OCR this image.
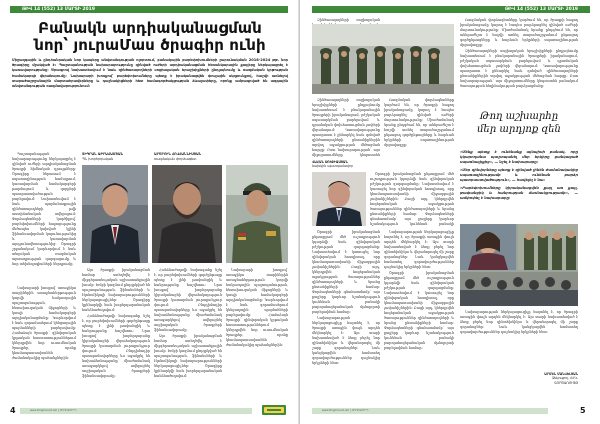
ԹԻՎ 14 (552) 13 ՄԱՐՏԻ 2019
Բանակն արդիականացման
նոր՝ յուրաՄաս ծրագիր ունի
Միջազգային և ընդհանրական նոր կապերը անվտանգության ոլորտում, բանակային բարեփոխումների շարունակման 2018-2024 թթ. նոր ծրագիրը մշակված է: Պաշտպանության նախարարությունը զինված ուժերի արդիականացման հեռանկարային քայլերը ներկայացրել է կառավարությանը: Ծրագրով նախատեսվում է նաև զինծառայողների սոցիալական երաշխիքների ընդլայնումը և ռազմական կրթության համակարգի վերանայումը: Նախարարի խոսքով՝ բարեփոխումները պետք է իրականացվեն փուլային սկզբունքով, հաշվի առնելով տարածաշրջանային մարտահրավերները և դաշնակիցների հետ համագործակցության ձևաչափերը, որոնք ամրագրված են ազգային անվտանգության ռազմավարությունում:

Պաշտպանության նախարարությունը ներկայացրել է զինված ուժերի արդիականացման ծրագրի հիմնական դրույթները: Ծրագիրը ներառում է սպառազինության համալրում, կառավարման համակարգերի թարմացում և զորքերի պատրաստվածության բարելավում: Նախատեսվում է նաև պայմանագրային զինծառայողների թվի աստիճանական ավելացում: Փորձագետների կարծիքով՝ բարեփոխումների հաջողությունը մեծապես կախված կլինի ֆինանսավորման կայունությունից և կառավարման արդյունավետությունից: Ծրագրի շրջանակում կարևորվում է նաև տեղական ռազմական արտադրության զարգացումը և նոր տեխնոլոգիաների ներդրումը:

Նախարարի խոսքով՝ առաջիկա տարիներին առաջնահերթություն կտրվի հակաօդային պաշտպանության, հետախուզական միջոցների և կապի համակարգերի արդիականացմանը: Կարևորվում է նաև զորամասերում կենցաղային պայմանների բարելավումը: Համաձայն ծրագրի՝ զինվորական կրթական հաստատություններում կներդրվեն նոր ուսումնական ծրագրեր, որոնք կհամապատասխանեն ժամանակակից պահանջներին:

ՏԻԳՐԱՆ ԱԲՐԱՀԱՄՅԱՆ
ՊՆ խորհրդական
ԱՐԾՐՈՒՆ ՀՈՎՀԱՆՆԻՍՅԱՆ
ռազմական փորձագետ

Այս ծրագրի իրականացման համար ստեղծվել է միջգերատեսչական աշխատանքային խումբ: Խմբի կազմում ընդգրկված են պաշտպանության, ֆինանսների և էկոնոմիկայի նախարարությունների ներկայացուցիչներ: Ծրագիրը կքննարկվի նաև խորհրդարանական հանձնաժողովում:

Հանձնաժողովի նախագահը նշել է, որ բարեփոխումների գործընթացը պետք է լինի թափանցիկ և հանրությանը հաշվետու: Նրա խոսքով՝ խորհրդարանը կիրականացնի վերահսկողություն ծրագրի կատարման յուրաքանչյուր փուլում: Ընդդիմադիր պատգամավորները ևս աջակցել են նախաձեռնությանը՝ միաժամանակ առաջարկելով ավելացնել սոցիալական ծրագրերի ֆինանսավորումը:

Հանձնաժողովի նախագահը նշել է, որ բարեփոխումների գործընթացը պետք է լինի թափանցիկ և հանրությանը հաշվետու: Նրա խոսքով՝ խորհրդարանը կիրականացնի վերահսկողություն ծրագրի կատարման յուրաքանչյուր փուլում: Ընդդիմադիր պատգամավորները ևս աջակցել են նախաձեռնությանը՝ միաժամանակ առաջարկելով ավելացնել սոցիալական ծրագրերի ֆինանսավորումը:

Այս ծրագրի իրականացման համար ստեղծվել է միջգերատեսչական աշխատանքային խումբ: Խմբի կազմում ընդգրկված են պաշտպանության, ֆինանսների և էկոնոմիկայի նախարարությունների ներկայացուցիչներ: Ծրագիրը կքննարկվի նաև խորհրդարանական հանձնաժողովում:

Նախարարի խոսքով՝ առաջիկա տարիներին առաջնահերթություն կտրվի հակաօդային պաշտպանության, հետախուզական միջոցների և կապի համակարգերի արդիականացմանը: Կարևորվում է նաև զորամասերում կենցաղային պայմանների բարելավումը: Համաձայն ծրագրի՝ զինվորական կրթական հաստատություններում կներդրվեն նոր ուսումնական ծրագրեր, որոնք կհամապատասխանեն ժամանակակից պահանջներին:

4	www.zhoghovurd.am | ԺՈՂՈՎՈՒՐԴ
ԹԻՎ 14 (552) 13 ՄԱՐՏԻ 2019

Զինծառայողների սոցիալական	Ռազմական փորձագետները կարծում են, որ ծրագրի հաջող իրականացումը կարող է էապես բարձրացնել զինված ուժերի մարտունակությունը: Միաժամանակ նրանք ընդգծում են, որ անհրաժեշտ է հաշվի առնել տարածաշրջանում ընթացող գործընթացները և հարևան երկրների սպառազինության մրցավազքը:

Զինծառայողների սոցիալական երաշխիքների ընդլայնումը նախատեսում է բնակարանային ծրագրերի իրականացում, բժշկական սպասարկման բարելավում և դրամական փոխհատուցման չափերի վերանայում: Կառավարությունը պատրաստ է քննարկել նաև զոհված զինծառայողների ընտանիքներին տրվող աջակցության մեծացման հարցը: Ըստ նախարարության՝ այս միջոցառումները կնպաստեն բանակում ծառայության հեղինակության բարձրացմանը:

Զինծառայողների սոցիալական երաշխիքների ընդլայնումը նախատեսում է բնակարանային ծրագրերի իրականացում, բժշկական սպասարկման բարելավում և դրամական փոխհատուցման չափերի վերանայում: Կառավարությունը պատրաստ է քննարկել նաև զոհված զինծառայողների ընտանիքներին տրվող աջակցության մեծացման հարցը: Ըստ նախարարության՝ այս միջոցառումները կնպաստեն

Ռազմական փորձագետները կարծում են, որ ծրագրի հաջող իրականացումը կարող է էապես բարձրացնել զինված ուժերի մարտունակությունը: Միաժամանակ նրանք ընդգծում են, որ անհրաժեշտ է հաշվի առնել տարածաշրջանում ընթացող գործընթացները և հարևան երկրների սպառազինության մրցավազքը:

Թող աշխարհը
մեր արդյոք զեն

«Մենք պետք է ունենանք այնպիսի բանակ, որը կկարողանա պաշտպանել մեր երկիրը ցանկացած սպառնալիքից», — նշել է նախարարը:

«Մեր զինվորները պետք է զինված լինեն ժամանակակից սպառազինությամբ և ունենան բարձր պատրաստվածություն», — հավելել է նա:

«Բարեփոխումները կիրականացվեն քայլ առ քայլ, թափանցիկ և հանրության մասնակցությամբ», — ամփոփել է նախարարը:

ՎԱՀԱՆ ՍՈՒՔԻԱՍՅԱՆ
նախկին պատգամավոր

Ծրագրի իրականացման ընթացքում մեծ ուշադրություն կդարձվի նաև զինվորական բժշկության զարգացմանը: Նախատեսվում է կառուցել նոր զինվորական հոսպիտալ, որը կհամապատասխանի միջազգային չափանիշներին: Բացի այդ, կներդրվեն հոգեբանական աջակցության ծառայություններ զինծառայողների և նրանց ընտանիքների համար: Փորձագետների գնահատմամբ՝ այս քայլերը կարևոր նշանակություն կունենան բանակի

Ծրագրի իրականացման ընթացքում մեծ ուշադրություն կդարձվի նաև զինվորական բժշկության զարգացմանը: Նախատեսվում է կառուցել նոր զինվորական հոսպիտալ, որը կհամապատասխանի միջազգային չափանիշներին: Բացի այդ, կներդրվեն հոգեբանական աջակցության ծառայություններ զինծառայողների և նրանց ընտանիքների համար: Փորձագետների գնահատմամբ՝ այս քայլերը կարևոր նշանակություն կունենան բանակի բարոյահոգեբանական մթնոլորտի բարելավման համար:

Նախարարության ներկայացուցիչը հայտնել է, որ ծրագրի առաջին փուլն արդեն մեկնարկել է: Այս տարի նախատեսված է ձեռք բերել նոր զինտեխնիկա և վերանորոգել մի շարք զորանոցներ: Նաև կանցկացվեն համատեղ զորավարժություններ դաշնակից երկրների հետ:

Նախարարության ներկայացուցիչը հայտնել է, որ ծրագրի առաջին փուլն արդեն մեկնարկել է: Այս տարի նախատեսված է ձեռք բերել նոր զինտեխնիկա և վերանորոգել մի շարք զորանոցներ: Նաև կանցկացվեն համատեղ զորավարժություններ դաշնակից երկրների հետ:

Ծրագրի իրականացման ընթացքում մեծ ուշադրություն կդարձվի նաև զինվորական բժշկության զարգացմանը: Նախատեսվում է կառուցել նոր զինվորական հոսպիտալ, որը կհամապատասխանի միջազգային չափանիշներին: Բացի այդ, կներդրվեն հոգեբանական աջակցության ծառայություններ զինծառայողների և նրանց ընտանիքների համար: Փորձագետների գնահատմամբ՝ այս քայլերը կարևոր նշանակություն կունենան բանակի բարոյահոգեբանական մթնոլորտի բարելավման համար:

Նախարարության ներկայացուցիչը հայտնել է, որ ծրագրի առաջին փուլն արդեն մեկնարկել է: Այս տարի նախատեսված է ձեռք բերել նոր զինտեխնիկա և վերանորոգել մի շարք զորանոցներ: Նաև կանցկացվեն համատեղ զորավարժություններ դաշնակից երկրների հետ:

ԱՐՄԵՆ ՄԱՆՎԵԼՅԱՆ
Զեկուցող, ՀՀԿ-ԳՈՐԾԱՌՈՒՅԹ
www.zhoghovurd.am | ԺՈՂՈՎՈՒՐԴ	5
